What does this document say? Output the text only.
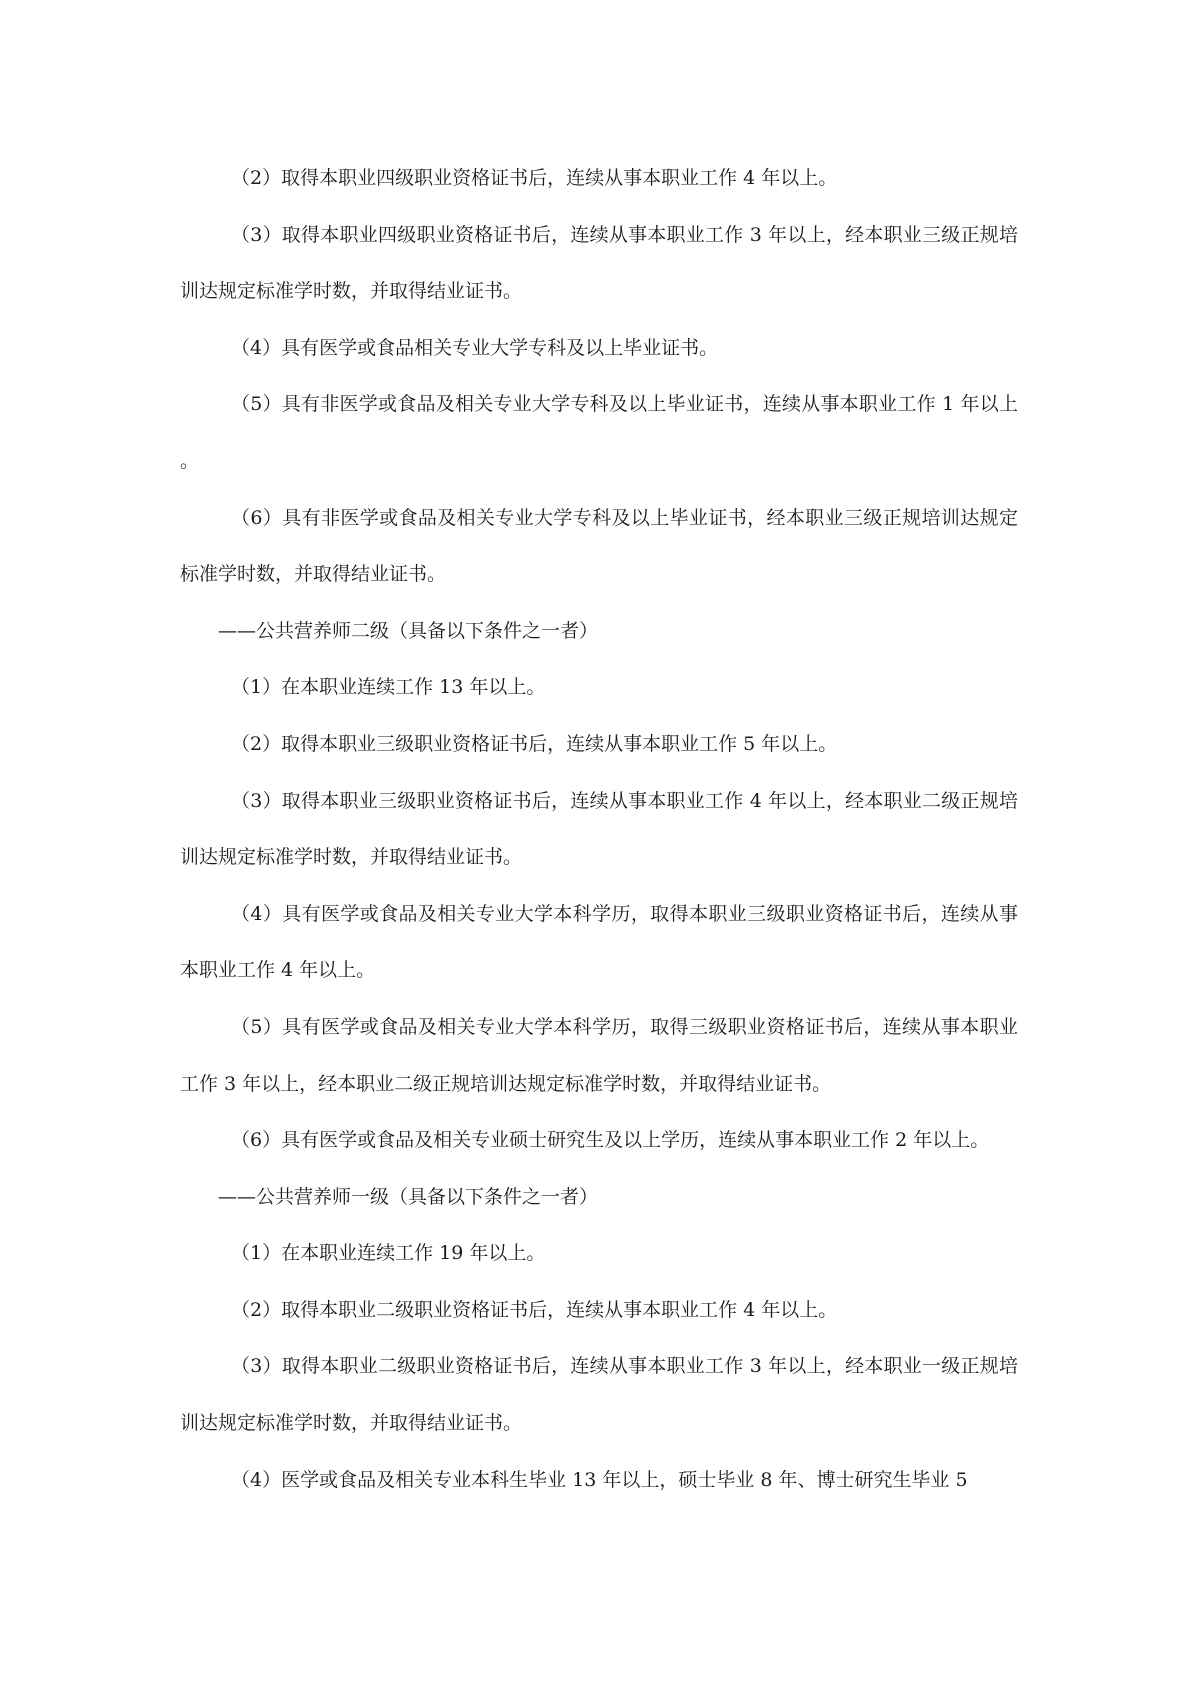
（2）取得本职业四级职业资格证书后，连续从事本职业工作 4 年以上。

（3）取得本职业四级职业资格证书后，连续从事本职业工作 3 年以上，经本职业三级正规培训达规定标准学时数，并取得结业证书。

（4）具有医学或食品相关专业大学专科及以上毕业证书。

（5）具有非医学或食品及相关专业大学专科及以上毕业证书，连续从事本职业工作 1 年以上。

（6）具有非医学或食品及相关专业大学专科及以上毕业证书，经本职业三级正规培训达规定标准学时数，并取得结业证书。

——公共营养师二级（具备以下条件之一者）

（1）在本职业连续工作 13 年以上。

（2）取得本职业三级职业资格证书后，连续从事本职业工作 5 年以上。

（3）取得本职业三级职业资格证书后，连续从事本职业工作 4 年以上，经本职业二级正规培训达规定标准学时数，并取得结业证书。

（4）具有医学或食品及相关专业大学本科学历，取得本职业三级职业资格证书后，连续从事本职业工作 4 年以上。

（5）具有医学或食品及相关专业大学本科学历，取得三级职业资格证书后，连续从事本职业工作 3 年以上，经本职业二级正规培训达规定标准学时数，并取得结业证书。

（6）具有医学或食品及相关专业硕士研究生及以上学历，连续从事本职业工作 2 年以上。

——公共营养师一级（具备以下条件之一者）

（1）在本职业连续工作 19 年以上。

（2）取得本职业二级职业资格证书后，连续从事本职业工作 4 年以上。

（3）取得本职业二级职业资格证书后，连续从事本职业工作 3 年以上，经本职业一级正规培训达规定标准学时数，并取得结业证书。

（4）医学或食品及相关专业本科生毕业 13 年以上，硕士毕业 8 年、博士研究生毕业 5
